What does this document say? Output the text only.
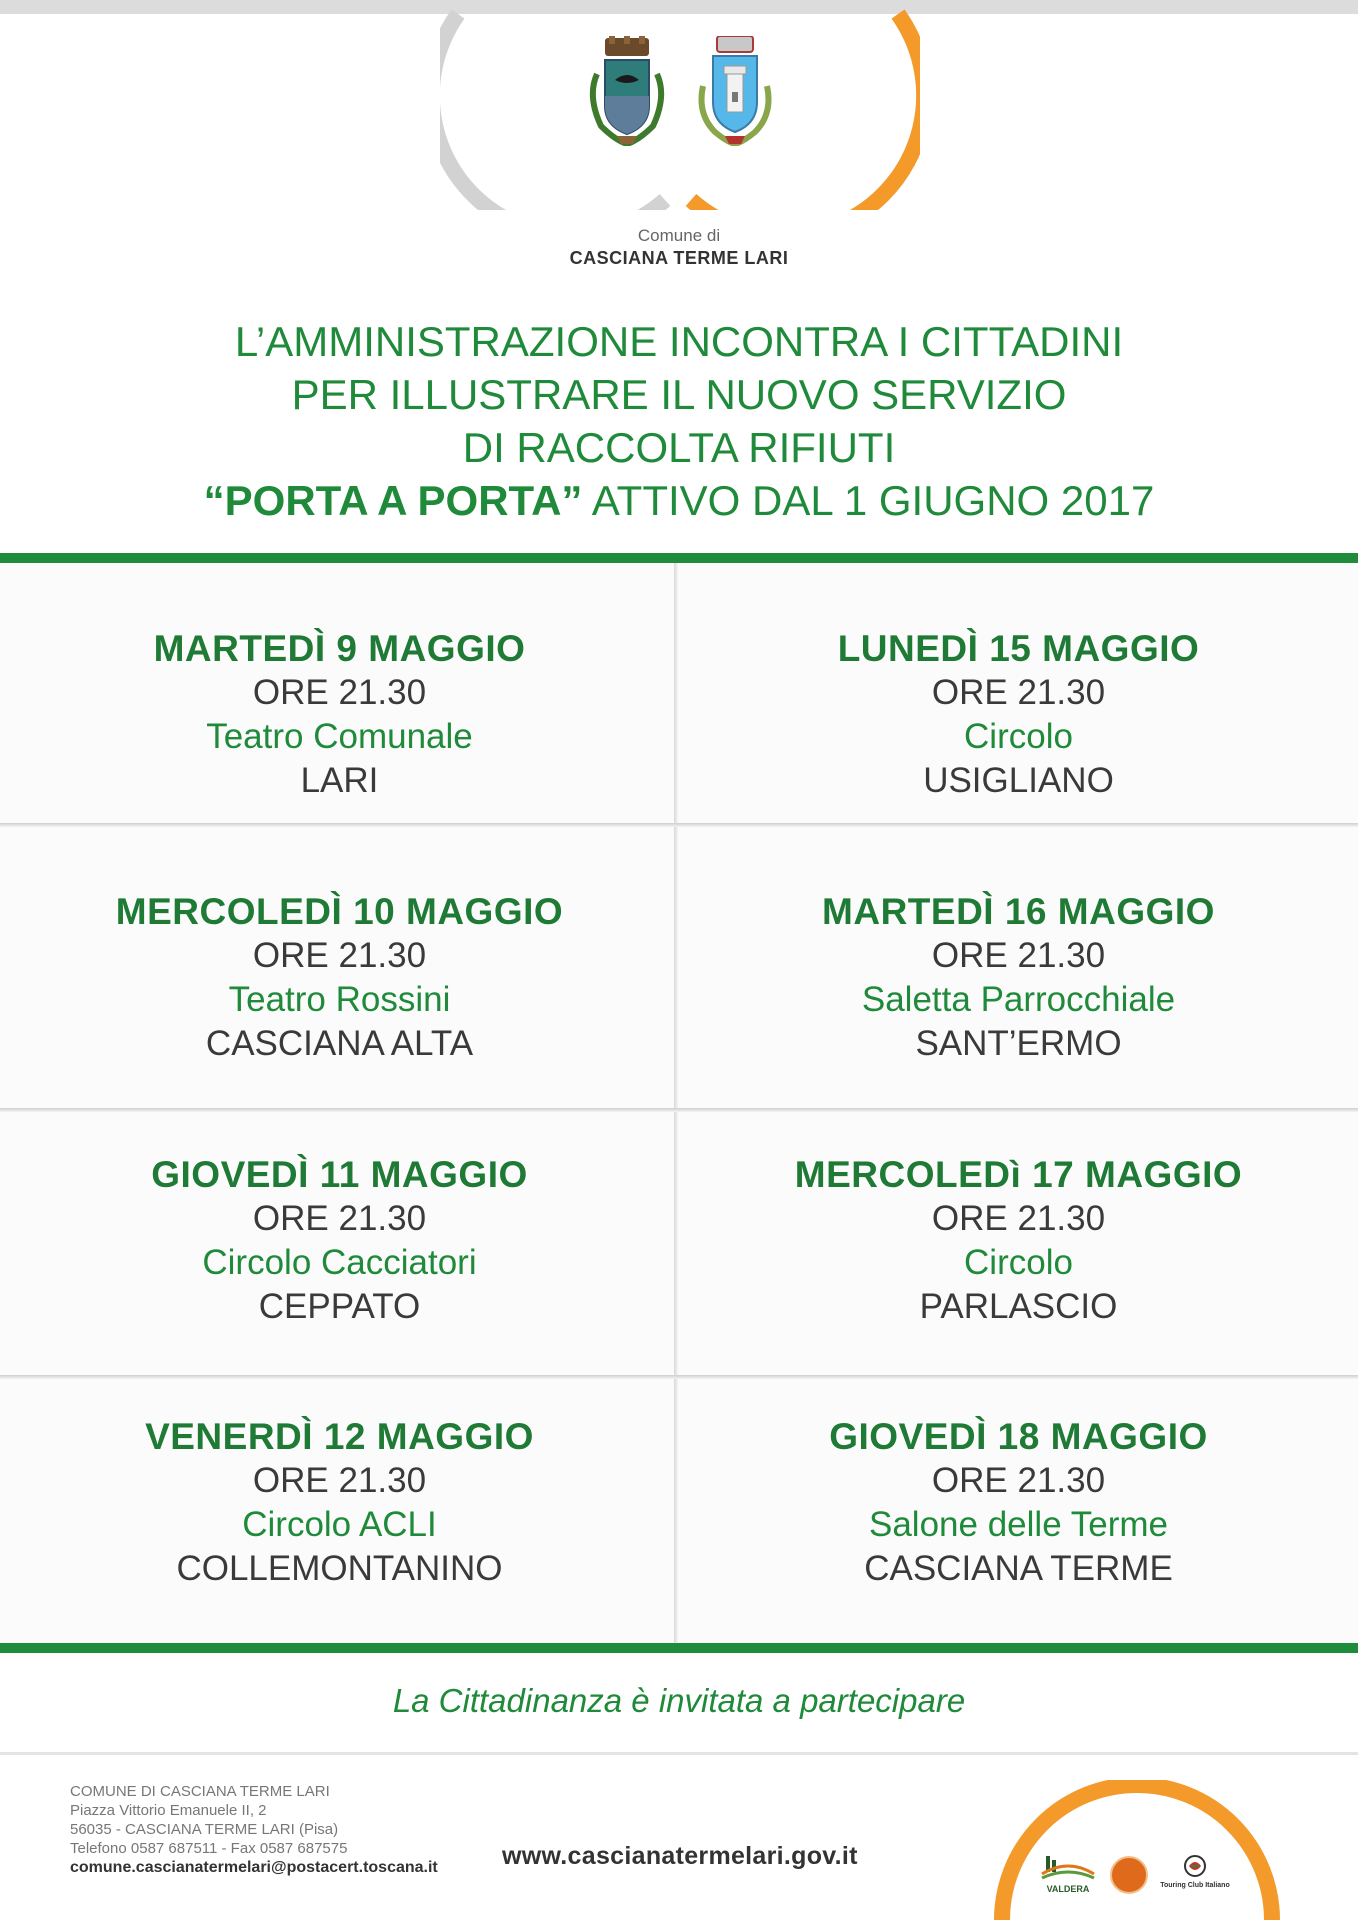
Comune di
CASCIANA TERME LARI
L’AMMINISTRAZIONE INCONTRA I CITTADINI
PER ILLUSTRARE IL NUOVO SERVIZIO
DI RACCOLTA RIFIUTI
“PORTA A PORTA” ATTIVO DAL 1 GIUGNO 2017
MARTEDÌ 9 MAGGIO
ORE 21.30
Teatro Comunale
LARI
LUNEDÌ 15 MAGGIO
ORE 21.30
Circolo
USIGLIANO
MERCOLEDÌ 10 MAGGIO
ORE 21.30
Teatro Rossini
CASCIANA ALTA
MARTEDÌ 16 MAGGIO
ORE 21.30
Saletta Parrocchiale
SANT’ERMO
GIOVEDÌ 11 MAGGIO
ORE 21.30
Circolo Cacciatori
CEPPATO
MERCOLEDì 17 MAGGIO
ORE 21.30
Circolo
PARLASCIO
VENERDÌ 12 MAGGIO
ORE 21.30
Circolo ACLI
COLLEMONTANINO
GIOVEDÌ 18 MAGGIO
ORE 21.30
Salone delle Terme
CASCIANA TERME
La Cittadinanza è invitata a partecipare
COMUNE DI CASCIANA TERME LARI
Piazza Vittorio Emanuele II, 2
56035 - CASCIANA TERME LARI (Pisa)
Telefono 0587 687511 - Fax 0587 687575
comune.cascianatermelari@postacert.toscana.it	www.cascianatermelari.gov.it
VALDERA	Touring Club Italiano
